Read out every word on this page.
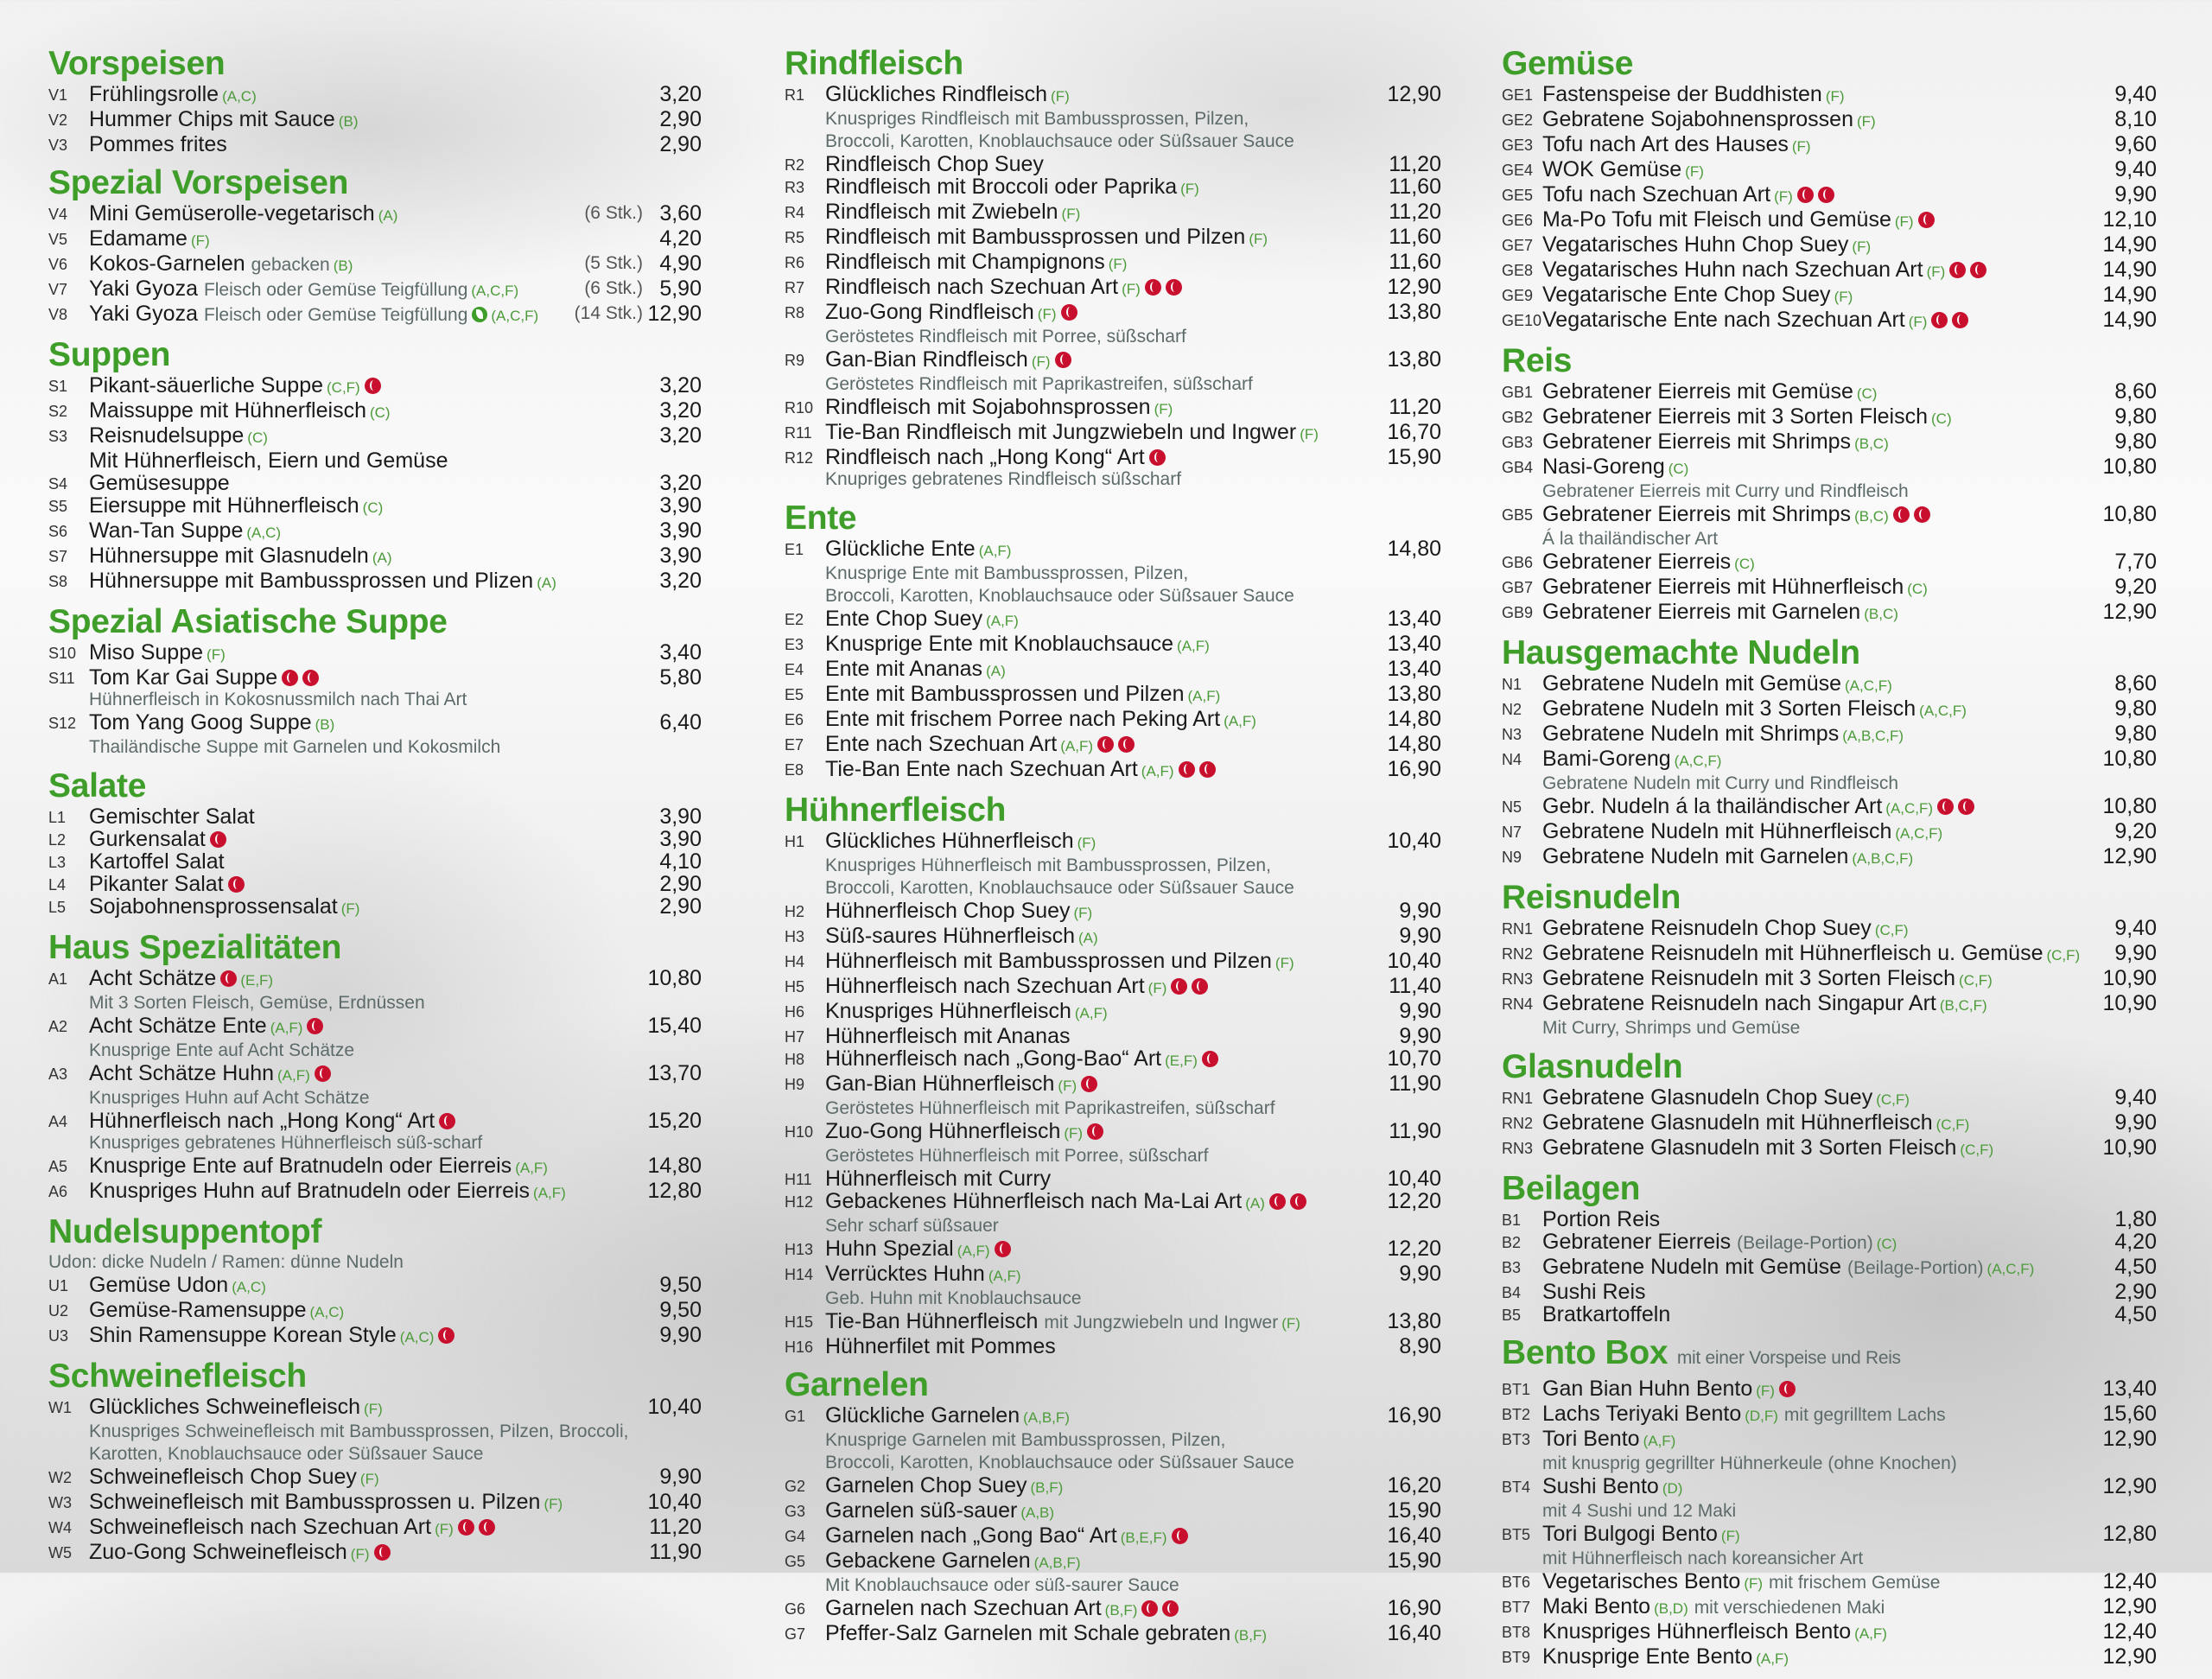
Vorspeisen
V1 Frühlingsrolle (A,C)	3,20
V2 Hummer Chips mit Sauce (B)	2,90
V3 Pommes frites	2,90
Spezial Vorspeisen
V4 Mini Gemüserolle-vegetarisch (A)	(6 Stk.) 3,60
V5 Edamame (F)	4,20
V6 Kokos-Garnelen gebacken (B)	(5 Stk.) 4,90
V7 Yaki Gyoza Fleisch oder Gemüse Teigfüllung (A,C,F)	(6 Stk.) 5,90
V8 Yaki Gyoza Fleisch oder Gemüse Teigfüllung (A,C,F)	(14 Stk.) 12,90
Suppen
S1 Pikant-säuerliche Suppe (C,F)	3,20
S2 Maissuppe mit Hühnerfleisch (C)	3,20
S3 Reisnudelsuppe (C)	3,20
Mit Hühnerfleisch, Eiern und Gemüse
S4 Gemüsesuppe	3,20
S5 Eiersuppe mit Hühnerfleisch (C)	3,90
S6 Wan-Tan Suppe (A,C)	3,90
S7 Hühnersuppe mit Glasnudeln (A)	3,90
S8 Hühnersuppe mit Bambussprossen und Plizen (A)	3,20
Spezial Asiatische Suppe
S10 Miso Suppe (F)	3,40
S11 Tom Kar Gai Suppe	5,80
Hühnerfleisch in Kokosnussmilch nach Thai Art
S12 Tom Yang Goog Suppe (B)	6,40
Thailändische Suppe mit Garnelen und Kokosmilch
Salate
L1 Gemischter Salat	3,90
L2 Gurkensalat	3,90
L3 Kartoffel Salat	4,10
L4 Pikanter Salat	2,90
L5 Sojabohnensprossensalat (F)	2,90
Haus Spezialitäten
A1 Acht Schätze (E,F)	10,80
Mit 3 Sorten Fleisch, Gemüse, Erdnüssen
A2 Acht Schätze Ente (A,F)	15,40
Knusprige Ente auf Acht Schätze
A3 Acht Schätze Huhn (A,F)	13,70
Knuspriges Huhn auf Acht Schätze
A4 Hühnerfleisch nach „Hong Kong“ Art	15,20
Knuspriges gebratenes Hühnerfleisch süß-scharf
A5 Knusprige Ente auf Bratnudeln oder Eierreis (A,F)	14,80
A6 Knuspriges Huhn auf Bratnudeln oder Eierreis (A,F)	12,80
Nudelsuppentopf
Udon: dicke Nudeln / Ramen: dünne Nudeln
U1 Gemüse Udon (A,C)	9,50
U2 Gemüse-Ramensuppe (A,C)	9,50
U3 Shin Ramensuppe Korean Style (A,C)	9,90
Schweinefleisch
W1 Glückliches Schweinefleisch (F)	10,40
Knuspriges Schweinefleisch mit Bambussprossen, Pilzen, Broccoli,
Karotten, Knoblauchsauce oder Süßsauer Sauce
W2 Schweinefleisch Chop Suey (F)	9,90
W3 Schweinefleisch mit Bambussprossen u. Pilzen (F)	10,40
W4 Schweinefleisch nach Szechuan Art (F)	11,20
W5 Zuo-Gong Schweinefleisch (F)	11,90
Rindfleisch
R1 Glückliches Rindfleisch (F)	12,90
Knuspriges Rindfleisch mit Bambussprossen, Pilzen,
Broccoli, Karotten, Knoblauchsauce oder Süßsauer Sauce
R2 Rindfleisch Chop Suey	11,20
R3 Rindfleisch mit Broccoli oder Paprika (F)	11,60
R4 Rindfleisch mit Zwiebeln (F)	11,20
R5 Rindfleisch mit Bambussprossen und Pilzen (F)	11,60
R6 Rindfleisch mit Champignons (F)	11,60
R7 Rindfleisch nach Szechuan Art (F)	12,90
R8 Zuo-Gong Rindfleisch (F)	13,80
Geröstetes Rindfleisch mit Porree, süßscharf
R9 Gan-Bian Rindfleisch (F)	13,80
Geröstetes Rindfleisch mit Paprikastreifen, süßscharf
R10 Rindfleisch mit Sojabohnsprossen (F)	11,20
R11 Tie-Ban Rindfleisch mit Jungzwiebeln und Ingwer (F)	16,70
R12 Rindfleisch nach „Hong Kong“ Art	15,90
Knupriges gebratenes Rindfleisch süßscharf
Ente
E1 Glückliche Ente (A,F)	14,80
Knusprige Ente mit Bambussprossen, Pilzen,
Broccoli, Karotten, Knoblauchsauce oder Süßsauer Sauce
E2 Ente Chop Suey (A,F)	13,40
E3 Knusprige Ente mit Knoblauchsauce (A,F)	13,40
E4 Ente mit Ananas (A)	13,40
E5 Ente mit Bambussprossen und Pilzen (A,F)	13,80
E6 Ente mit frischem Porree nach Peking Art (A,F)	14,80
E7 Ente nach Szechuan Art (A,F)	14,80
E8 Tie-Ban Ente nach Szechuan Art (A,F)	16,90
Hühnerfleisch
H1 Glückliches Hühnerfleisch (F)	10,40
Knuspriges Hühnerfleisch mit Bambussprossen, Pilzen,
Broccoli, Karotten, Knoblauchsauce oder Süßsauer Sauce
H2 Hühnerfleisch Chop Suey (F)	9,90
H3 Süß-saures Hühnerfleisch (A)	9,90
H4 Hühnerfleisch mit Bambussprossen und Pilzen (F)	10,40
H5 Hühnerfleisch nach Szechuan Art (F)	11,40
H6 Knuspriges Hühnerfleisch (A,F)	9,90
H7 Hühnerfleisch mit Ananas	9,90
H8 Hühnerfleisch nach „Gong-Bao“ Art (E,F)	10,70
H9 Gan-Bian Hühnerfleisch (F)	11,90
Geröstetes Hühnerfleisch mit Paprikastreifen, süßscharf
H10 Zuo-Gong Hühnerfleisch (F)	11,90
Geröstetes Hühnerfleisch mit Porree, süßscharf
H11 Hühnerfleisch mit Curry	10,40
H12 Gebackenes Hühnerfleisch nach Ma-Lai Art (A)	12,20
Sehr scharf süßsauer
H13 Huhn Spezial (A,F)	12,20
H14 Verrücktes Huhn (A,F)	9,90
Geb. Huhn mit Knoblauchsauce
H15 Tie-Ban Hühnerfleisch mit Jungzwiebeln und Ingwer (F)	13,80
H16 Hühnerfilet mit Pommes	8,90
Garnelen
G1 Glückliche Garnelen (A,B,F)	16,90
Knusprige Garnelen mit Bambussprossen, Pilzen,
Broccoli, Karotten, Knoblauchsauce oder Süßsauer Sauce
G2 Garnelen Chop Suey (B,F)	16,20
G3 Garnelen süß-sauer (A,B)	15,90
G4 Garnelen nach „Gong Bao“ Art (B,E,F)	16,40
G5 Gebackene Garnelen (A,B,F)	15,90
Mit Knoblauchsauce oder süß-saurer Sauce
G6 Garnelen nach Szechuan Art (B,F)	16,90
G7 Pfeffer-Salz Garnelen mit Schale gebraten (B,F)	16,40
Gemüse
GE1 Fastenspeise der Buddhisten (F)	9,40
GE2 Gebratene Sojabohnensprossen (F)	8,10
GE3 Tofu nach Art des Hauses (F)	9,60
GE4 WOK Gemüse (F)	9,40
GE5 Tofu nach Szechuan Art (F)	9,90
GE6 Ma-Po Tofu mit Fleisch und Gemüse (F)	12,10
GE7 Vegatarisches Huhn Chop Suey (F)	14,90
GE8 Vegatarisches Huhn nach Szechuan Art (F)	14,90
GE9 Vegatarische Ente Chop Suey (F)	14,90
GE10 Vegatarische Ente nach Szechuan Art (F)	14,90
Reis
GB1 Gebratener Eierreis mit Gemüse (C)	8,60
GB2 Gebratener Eierreis mit 3 Sorten Fleisch (C)	9,80
GB3 Gebratener Eierreis mit Shrimps (B,C)	9,80
GB4 Nasi-Goreng (C)	10,80
Gebratener Eierreis mit Curry und Rindfleisch
GB5 Gebratener Eierreis mit Shrimps (B,C)	10,80
Á la thailändischer Art
GB6 Gebratener Eierreis (C)	7,70
GB7 Gebratener Eierreis mit Hühnerfleisch (C)	9,20
GB9 Gebratener Eierreis mit Garnelen (B,C)	12,90
Hausgemachte Nudeln
N1 Gebratene Nudeln mit Gemüse (A,C,F)	8,60
N2 Gebratene Nudeln mit 3 Sorten Fleisch (A,C,F)	9,80
N3 Gebratene Nudeln mit Shrimps (A,B,C,F)	9,80
N4 Bami-Goreng (A,C,F)	10,80
Gebratene Nudeln mit Curry und Rindfleisch
N5 Gebr. Nudeln á la thailändischer Art (A,C,F)	10,80
N7 Gebratene Nudeln mit Hühnerfleisch (A,C,F)	9,20
N9 Gebratene Nudeln mit Garnelen (A,B,C,F)	12,90
Reisnudeln
RN1 Gebratene Reisnudeln Chop Suey (C,F)	9,40
RN2 Gebratene Reisnudeln mit Hühnerfleisch u. Gemüse (C,F)	9,90
RN3 Gebratene Reisnudeln mit 3 Sorten Fleisch (C,F)	10,90
RN4 Gebratene Reisnudeln nach Singapur Art (B,C,F)	10,90
Mit Curry, Shrimps und Gemüse
Glasnudeln
RN1 Gebratene Glasnudeln Chop Suey (C,F)	9,40
RN2 Gebratene Glasnudeln mit Hühnerfleisch (C,F)	9,90
RN3 Gebratene Glasnudeln mit 3 Sorten Fleisch (C,F)	10,90
Beilagen
B1 Portion Reis	1,80
B2 Gebratener Eierreis (Beilage-Portion) (C)	4,20
B3 Gebratene Nudeln mit Gemüse (Beilage-Portion) (A,C,F)	4,50
B4 Sushi Reis	2,90
B5 Bratkartoffeln	4,50
Bento Box mit einer Vorspeise und Reis
BT1 Gan Bian Huhn Bento (F)	13,40
BT2 Lachs Teriyaki Bento (D,F) mit gegrilltem Lachs	15,60
BT3 Tori Bento (A,F)	12,90
mit knusprig gegrillter Hühnerkeule (ohne Knochen)
BT4 Sushi Bento (D)	12,90
mit 4 Sushi und 12 Maki
BT5 Tori Bulgogi Bento (F)	12,80
mit Hühnerfleisch nach koreansicher Art
BT6 Vegetarisches Bento (F) mit frischem Gemüse	12,40
BT7 Maki Bento (B,D) mit verschiedenen Maki	12,90
BT8 Knuspriges Hühnerfleisch Bento (A,F)	12,40
BT9 Knusprige Ente Bento (A,F)	12,90
